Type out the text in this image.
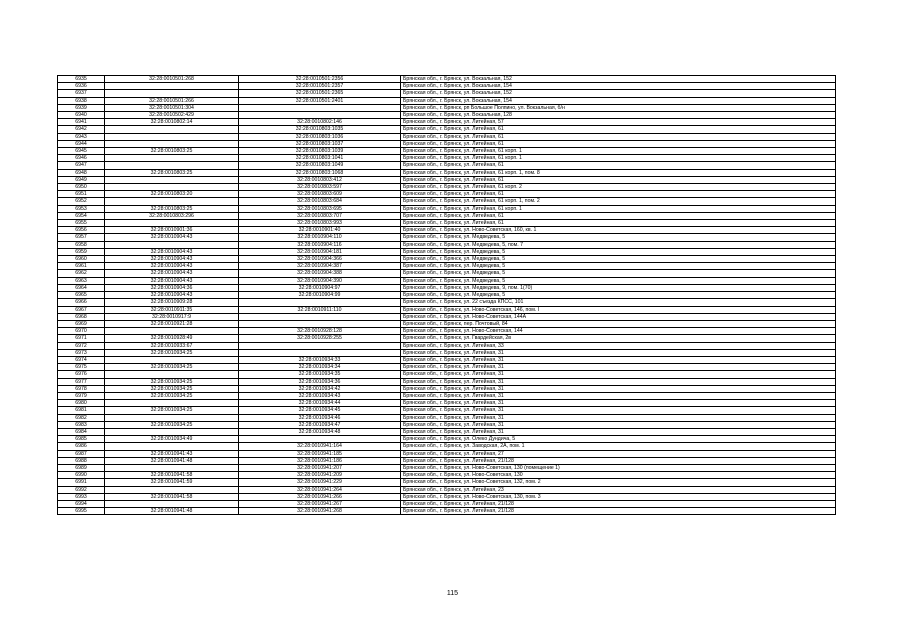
6935	32:28:0010501:268	32:28:0010501:2356	Брянская обл., г. Брянск, ул. Вокзальная, 152
6936		32:28:0010501:2357	Брянская обл., г. Брянск, ул. Вокзальная, 154
6937		32:28:0010501:2365	Брянская обл., г. Брянск, ул. Вокзальная, 152
6938	32:28:0010501:266	32:28:0010501:2401	Брянская обл., г. Брянск, ул. Вокзальная, 154
6939	32:28:0010501:304		Брянская обл., г. Брянск, рп Большое Полпино, ул. Вокзальная, б/н
6940	32:28:0010502:429		Брянская обл., г. Брянск, ул. Вокзальная, 128
6941	32:28:0010802:14	32:28:0010802:146	Брянская обл., г. Брянск, ул. Литейная, 57
6942		32:28:0010803:1035	Брянская обл., г. Брянск, ул. Литейная, 61
6943		32:28:0010803:1036	Брянская обл., г. Брянск, ул. Литейная, 61
6944		32:28:0010803:1037	Брянская обл., г. Брянск, ул. Литейная, 61
6945	32:28:0010803:25	32:28:0010803:1039	Брянская обл., г. Брянск, ул. Литейная, 61 корп. 1
6946		32:28:0010803:1041	Брянская обл., г. Брянск, ул. Литейная, 61 корп. 1
6947		32:28:0010803:1049	Брянская обл., г. Брянск, ул. Литейная, 61
6948	32:28:0010803:25	32:28:0010803:1068	Брянская обл., г. Брянск, ул. Литейная, 61 корп. 1, пом. 8
6949		32:28:0010803:412	Брянская обл., г. Брянск, ул. Литейная, 61
6950		32:28:0010803:597	Брянская обл., г. Брянск, ул. Литейная, 61 корп. 2
6951	32:28:0010803:20	32:28:0010803:609	Брянская обл., г. Брянск, ул. Литейная, 61
6952		32:28:0010803:684	Брянская обл., г. Брянск, ул. Литейная, 61 корп. 1, пом. 2
6953	32:28:0010803:25	32:28:0010803:695	Брянская обл., г. Брянск, ул. Литейная, 61 корп. 1
6954	32:28:0010803:296	32:28:0010803:707	Брянская обл., г. Брянск, ул. Литейная, 61
6955		32:28:0010803:993	Брянская обл., г. Брянск, ул. Литейная, 61
6956	32:28:0010901:36	32:28:0010901:40	Брянская обл., г. Брянск, ул. Ново-Советская, 160, кв. 1
6957	32:28:0010904:43	32:28:0010904:110	Брянская обл., г. Брянск, ул. Медведева, 5
6958		32:28:0010904:116	Брянская обл., г. Брянск, ул. Медведева, 5, пом. 7
6959	32:28:0010904:43	32:28:0010904:181	Брянская обл., г. Брянск, ул. Медведева, 5
6960	32:28:0010904:43	32:28:0010904:366	Брянская обл., г. Брянск, ул. Медведева, 5
6961	32:28:0010904:43	32:28:0010904:387	Брянская обл., г. Брянск, ул. Медведева, 5
6962	32:28:0010904:43	32:28:0010904:388	Брянская обл., г. Брянск, ул. Медведева, 5
6963	32:28:0010904:43	32:28:0010904:390	Брянская обл., г. Брянск, ул. Медведева, 5
6964	32:28:0010904:36	32:28:0010904:97	Брянская обл., г. Брянск, ул. Медведева, 9, пом. 1(70)
6965	32:28:0010904:43	32:28:0010904:99	Брянская обл., г. Брянск, ул. Медведева, 5
6966	32:28:0010909:28		Брянская обл., г. Брянск, ул. 22 съезда КПСС, 101
6967	32:28:0010911:35	32:28:0010911:110	Брянская обл., г. Брянск, ул. Ново-Советская, 146, пом. I
6968	32:28:0010917:9		Брянская обл., г. Брянск, ул. Ново-Советская, 144А
6969	32:28:0010921:28		Брянская обл., г. Брянск, пер. Почтовый, 84
6970		32:28:0010928:128	Брянская обл., г. Брянск, ул. Ново-Советская, 144
6971	32:28:0010928:49	32:28:0010928:255	Брянская обл., г. Брянск, ул. Гвардейская, 2в
6972	32:28:0010933:67		Брянская обл., г. Брянск, ул. Литейная, 33
6973	32:28:0010934:25		Брянская обл., г. Брянск, ул. Литейная, 31
6974		32:28:0010934:33	Брянская обл., г. Брянск, ул. Литейная, 31
6975	32:28:0010934:25	32:28:0010934:34	Брянская обл., г. Брянск, ул. Литейная, 31
6976		32:28:0010934:35	Брянская обл., г. Брянск, ул. Литейная, 31
6977	32:28:0010934:25	32:28:0010934:36	Брянская обл., г. Брянск, ул. Литейная, 31
6978	32:28:0010934:25	32:28:0010934:42	Брянская обл., г. Брянск, ул. Литейная, 31
6979	32:28:0010934:25	32:28:0010934:43	Брянская обл., г. Брянск, ул. Литейная, 31
6980		32:28:0010934:44	Брянская обл., г. Брянск, ул. Литейная, 31
6981	32:28:0010934:25	32:28:0010934:45	Брянская обл., г. Брянск, ул. Литейная, 31
6982		32:28:0010934:46	Брянская обл., г. Брянск, ул. Литейная, 31
6983	32:28:0010934:25	32:28:0010934:47	Брянская обл., г. Брянск, ул. Литейная, 31
6984		32:28:0010934:48	Брянская обл., г. Брянск, ул. Литейная, 31
6985	32:28:0010934:49		Брянская обл., г. Брянск, ул. Олеко Дундича, 5
6986		32:28:0010941:164	Брянская обл., г. Брянск, ул. Заводская, 2А, пом. 1
6987	32:28:0010941:43	32:28:0010941:185	Брянская обл., г. Брянск, ул. Литейная, 27
6988	32:28:0010941:48	32:28:0010941:186	Брянская обл., г. Брянск, ул. Литейная, 21/128
6989		32:28:0010941:207	Брянская обл., г. Брянск, ул. Ново-Советская, 130 (помещение 1)
6990	32:28:0010941:58	32:28:0010941:209	Брянская обл., г. Брянск, ул. Ново-Советская, 130
6991	32:28:0010941:59	32:28:0010941:229	Брянская обл., г. Брянск, ул. Ново-Советская, 132, пом. 2
6992		32:28:0010941:264	Брянская обл., г. Брянск, ул. Литейная, 23
6993	32:28:0010941:58	32:28:0010941:266	Брянская обл., г. Брянск, ул. Ново-Советская, 130, пом. 3
6994		32:28:0010941:267	Брянская обл., г. Брянск, ул. Литейная, 21/128
6995	32:28:0010941:48	32:28:0010941:268	Брянская обл., г. Брянск, ул. Литейная, 21/128
115
